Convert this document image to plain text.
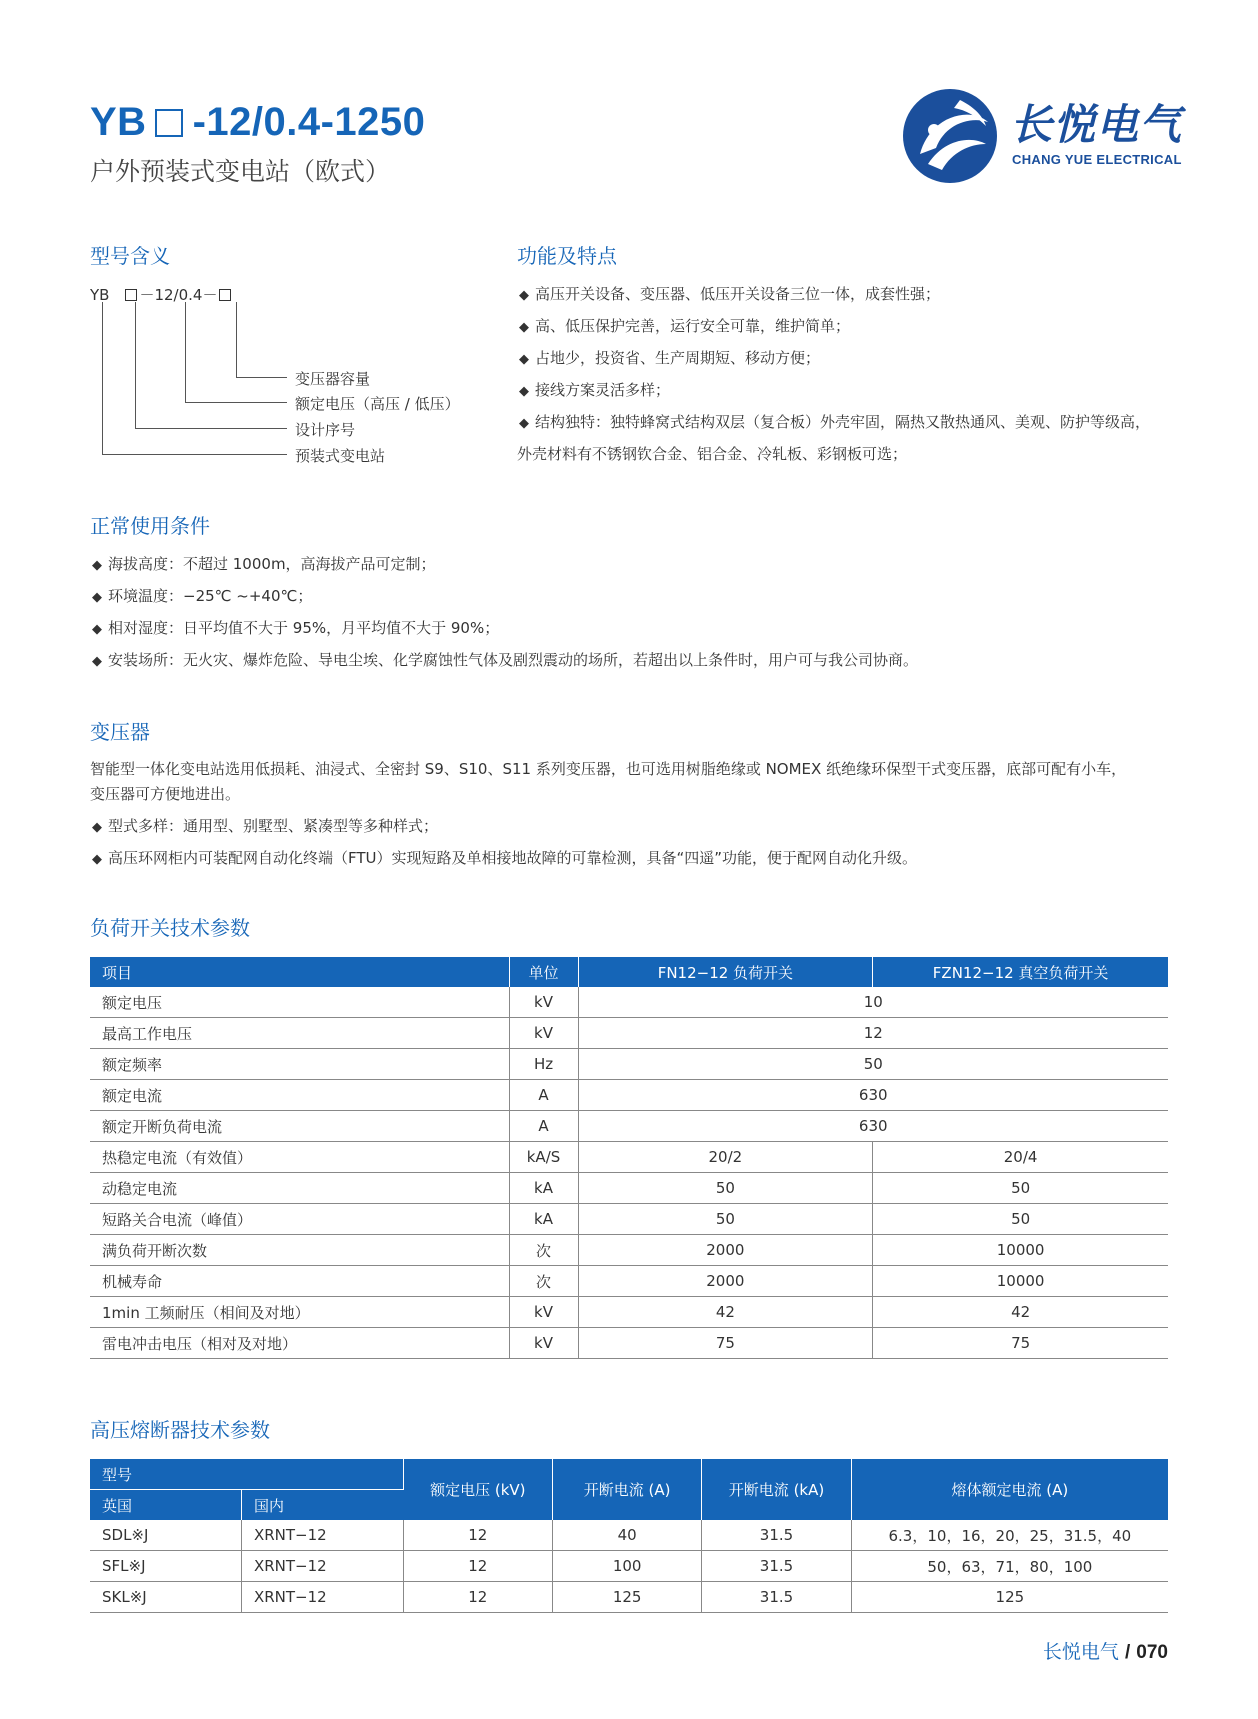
YB -12/0.4-1250
户外预装式变电站（欧式）
长悦电气
CHANG YUE ELECTRICAL
型号含义
YB －12/0.4－
变压器容量
额定电压（高压 / 低压）
设计序号
预装式变电站
功能及特点
◆ 高压开关设备、变压器、低压开关设备三位一体，成套性强；
◆ 高、低压保护完善，运行安全可靠，维护简单；
◆ 占地少，投资省、生产周期短、移动方便；
◆ 接线方案灵活多样；
◆ 结构独特：独特蜂窝式结构双层（复合板）外壳牢固，隔热又散热通风、美观、防护等级高，
外壳材料有不锈钢钦合金、铝合金、冷轧板、彩钢板可选；
正常使用条件
◆ 海拔高度：不超过 1000m，高海拔产品可定制；
◆ 环境温度：−25℃ ~+40℃；
◆ 相对湿度：日平均值不大于 95%，月平均值不大于 90%；
◆ 安装场所：无火灾、爆炸危险、导电尘埃、化学腐蚀性气体及剧烈震动的场所，若超出以上条件时，用户可与我公司协商。
变压器
智能型一体化变电站选用低损耗、油浸式、全密封 S9、S10、S11 系列变压器，也可选用树脂绝缘或 NOMEX 纸绝缘环保型干式变压器，底部可配有小车，
变压器可方便地进出。
◆ 型式多样：通用型、别墅型、紧凑型等多种样式；
◆ 高压环网柜内可装配网自动化终端（FTU）实现短路及单相接地故障的可靠检测，具备“四遥”功能，便于配网自动化升级。
负荷开关技术参数
项目	单位	FN12−12 负荷开关	FZN12−12 真空负荷开关
额定电压	kV	10	
最高工作电压	kV	12	
额定频率	Hz	50	
额定电流	A	630	
额定开断负荷电流	A	630	
热稳定电流（有效值）	kA/S	20/2	20/4
动稳定电流	kA	50	50
短路关合电流（峰值）	kA	50	50
满负荷开断次数	次	2000	10000
机械寿命	次	2000	10000
1min 工频耐压（相间及对地）	kV	42	42
雷电冲击电压（相对及对地）	kV	75	75
高压熔断器技术参数
型号		额定电压 (kV)	开断电流 (A)	开断电流 (kA)	熔体额定电流 (A)
英国	国内				
SDL※J	XRNT−12	12	40	31.5	6.3，10，16，20，25，31.5，40
SFL※J	XRNT−12	12	100	31.5	50，63，71，80，100
SKL※J	XRNT−12	12	125	31.5	125
长悦电气 / 070
